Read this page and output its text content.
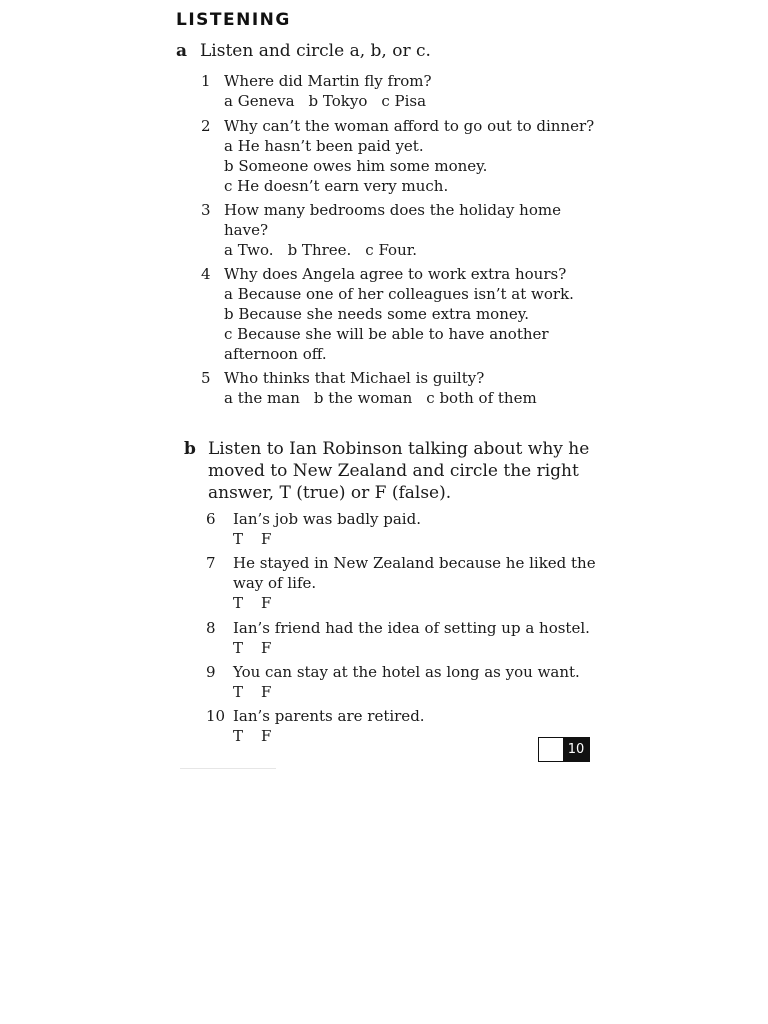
LISTENING
a Listen and circle a, b, or c.
1 Where did Martin fly from?
a Geneva b Tokyo c Pisa
2 Why can’t the woman afford to go out to dinner?
a He hasn’t been paid yet.
b Someone owes him some money.
c He doesn’t earn very much.
3 How many bedrooms does the holiday home
have?
a Two. b Three. c Four.
4 Why does Angela agree to work extra hours?
a Because one of her colleagues isn’t at work.
b Because she needs some extra money.
c Because she will be able to have another
afternoon off.
5 Who thinks that Michael is guilty?
a the man b the woman c both of them
b Listen to Ian Robinson talking about why he
moved to New Zealand and circle the right
answer, T (true) or F (false).
6	Ian’s job was badly paid.
T F
7	He stayed in New Zealand because he liked the
way of life.
T F
8	Ian’s friend had the idea of setting up a hostel.
T F
9	You can stay at the hotel as long as you want.
T F
10 Ian’s parents are retired.
T F
10
